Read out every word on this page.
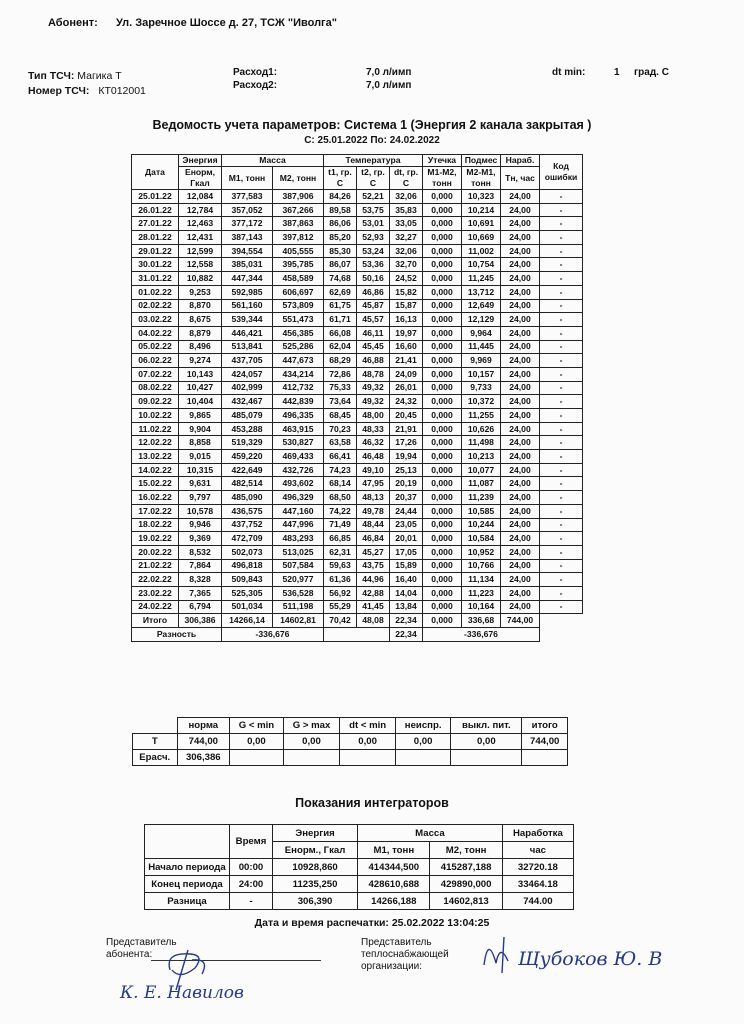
Абонент: Ул. Заречное Шоссе д. 27, ТСЖ "Иволга"
Тип ТСЧ: Магика Т
Номер ТСЧ: КТ012001
Расход1:	7,0 л/имп
Расход2:	7,0 л/имп
dt min:	1 град. С
Ведомость учета параметров: Система 1 (Энергия 2 канала закрытая )
С: 25.01.2022 По: 24.02.2022
Дата	Энергия	Масса		Температура			Утечка	Подмес	Нараб.	Код ошибки
	Енорм, Гкал	М1, тонн	М2, тонн	t1, гр. С	t2, гр. С	dt, гр. С	М1-М2, тонн	М2-М1, тонн	Тн, час	
25.01.22	12,084	377,583	387,906	84,26	52,21	32,06	0,000	10,323	24,00	-
26.01.22	12,784	357,052	367,266	89,58	53,75	35,83	0,000	10,214	24,00	-
27.01.22	12,463	377,172	387,863	86,06	53,01	33,05	0,000	10,691	24,00	-
28.01.22	12,431	387,143	397,812	85,20	52,93	32,27	0,000	10,669	24,00	-
29.01.22	12,599	394,554	405,555	85,30	53,24	32,06	0,000	11,002	24,00	-
30.01.22	12,558	385,031	395,785	86,07	53,36	32,70	0,000	10,754	24,00	-
31.01.22	10,882	447,344	458,589	74,68	50,16	24,52	0,000	11,245	24,00	-
01.02.22	9,253	592,985	606,697	62,69	46,86	15,82	0,000	13,712	24,00	-
02.02.22	8,870	561,160	573,809	61,75	45,87	15,87	0,000	12,649	24,00	-
03.02.22	8,675	539,344	551,473	61,71	45,57	16,13	0,000	12,129	24,00	-
04.02.22	8,879	446,421	456,385	66,08	46,11	19,97	0,000	9,964	24,00	-
05.02.22	8,496	513,841	525,286	62,04	45,45	16,60	0,000	11,445	24,00	-
06.02.22	9,274	437,705	447,673	68,29	46,88	21,41	0,000	9,969	24,00	-
07.02.22	10,143	424,057	434,214	72,86	48,78	24,09	0,000	10,157	24,00	-
08.02.22	10,427	402,999	412,732	75,33	49,32	26,01	0,000	9,733	24,00	-
09.02.22	10,404	432,467	442,839	73,64	49,32	24,32	0,000	10,372	24,00	-
10.02.22	9,865	485,079	496,335	68,45	48,00	20,45	0,000	11,255	24,00	-
11.02.22	9,904	453,288	463,915	70,23	48,33	21,91	0,000	10,626	24,00	-
12.02.22	8,858	519,329	530,827	63,58	46,32	17,26	0,000	11,498	24,00	-
13.02.22	9,015	459,220	469,433	66,41	46,48	19,94	0,000	10,213	24,00	-
14.02.22	10,315	422,649	432,726	74,23	49,10	25,13	0,000	10,077	24,00	-
15.02.22	9,631	482,514	493,602	68,14	47,95	20,19	0,000	11,087	24,00	-
16.02.22	9,797	485,090	496,329	68,50	48,13	20,37	0,000	11,239	24,00	-
17.02.22	10,578	436,575	447,160	74,22	49,78	24,44	0,000	10,585	24,00	-
18.02.22	9,946	437,752	447,996	71,49	48,44	23,05	0,000	10,244	24,00	-
19.02.22	9,369	472,709	483,293	66,85	46,84	20,01	0,000	10,584	24,00	-
20.02.22	8,532	502,073	513,025	62,31	45,27	17,05	0,000	10,952	24,00	-
21.02.22	7,864	496,818	507,584	59,63	43,75	15,89	0,000	10,766	24,00	-
22.02.22	8,328	509,843	520,977	61,36	44,96	16,40	0,000	11,134	24,00	-
23.02.22	7,365	525,305	536,528	56,92	42,88	14,04	0,000	11,223	24,00	-
24.02.22	6,794	501,034	511,198	55,29	41,45	13,84	0,000	10,164	24,00	-
Итого	306,386	14266,14	14602,81	70,42	48,08	22,34	0,000	336,68	744,00	
Разность		-336,676				22,34	-336,676			
	норма	G < min	G > max	dt < min	неиспр.	выкл. пит.	итого
Т	744,00	0,00	0,00	0,00	0,00	0,00	744,00
Ерасч.	306,386						
Показания интеграторов
	Время	Энергия	Масса		Наработка
		Енорм., Гкал	М1, тонн	М2, тонн	час
Начало периода	00:00	10928,860	414344,500	415287,188	32720.18
Конец периода	24:00	11235,250	428610,688	429890,000	33464.18
Разница	-	306,390	14266,188	14602,813	744.00
Дата и время распечатки: 25.02.2022 13:04:25
Представитель
абонента:
Представитель
теплоснабжающей
организации:
К. Е. Навилов
Щубоков Ю. В
